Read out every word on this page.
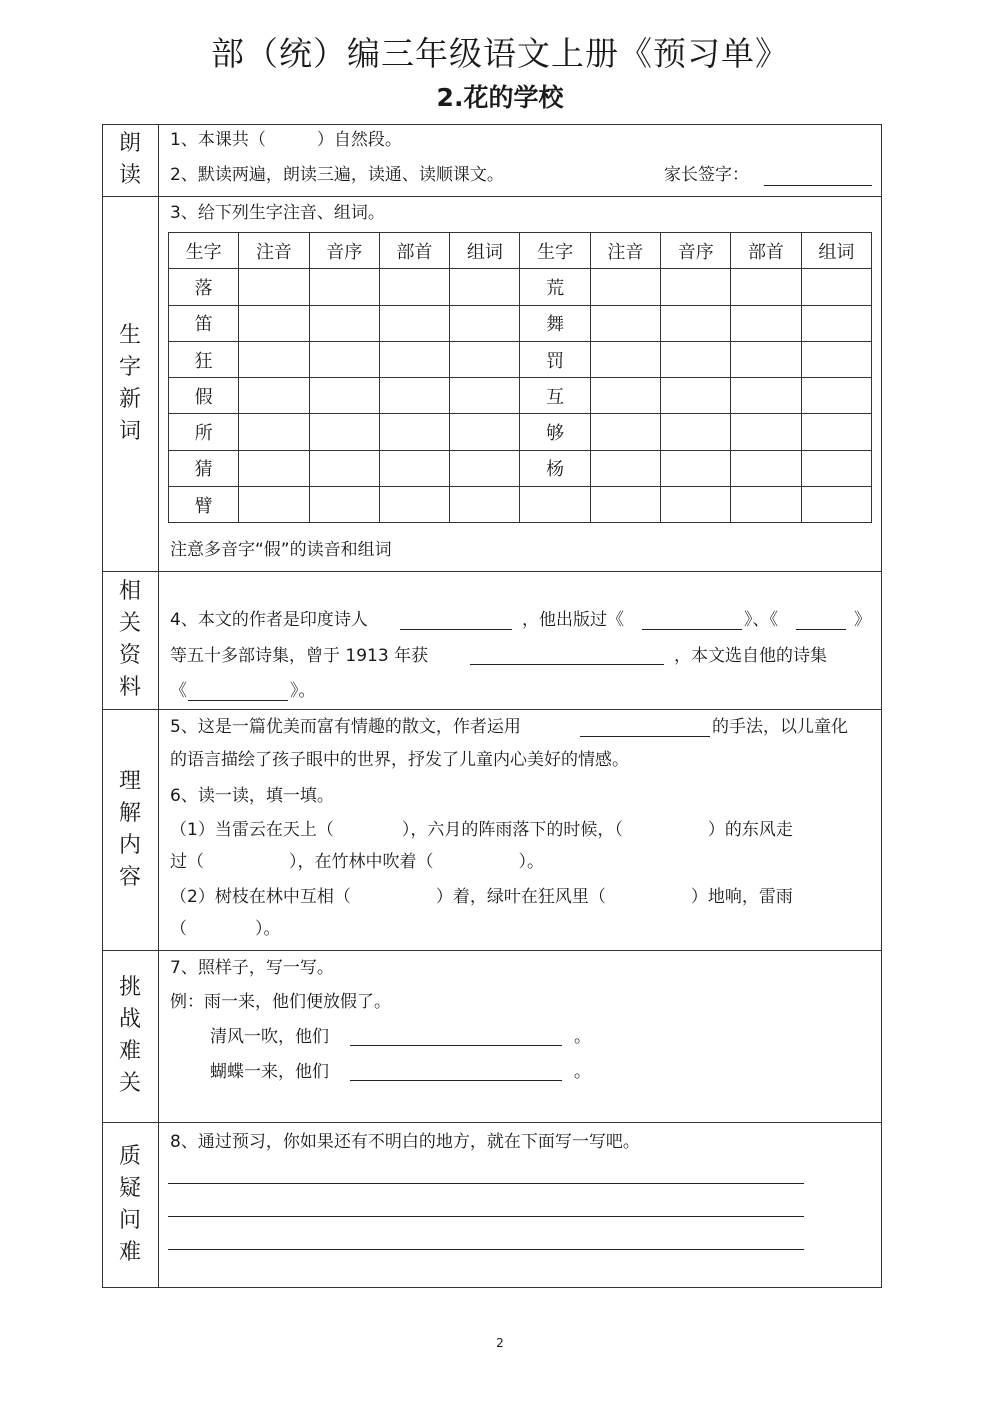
部（统）编三年级语文上册《预习单》
2.花的学校
朗
读
1、本课共（　　　）自然段。
2、默读两遍，朗读三遍，读通、读顺课文。	家长签字：
生
字
新
词
3、给下列生字注音、组词。
生字	注音	音序	部首	组词	生字	注音	音序	部首	组词
落					荒				
笛					舞				
狂					罚				
假					互				
所					够				
猜					杨				
臂									
注意多音字“假”的读音和组词
相
关
资
料
4、本文的作者是印度诗人	，他出版过《	》、《	》
等五十多部诗集，曾于 1913 年获	，本文选自他的诗集
《	》。
理
解
内
容
5、这是一篇优美而富有情趣的散文，作者运用	的手法，以儿童化
的语言描绘了孩子眼中的世界，抒发了儿童内心美好的情感。
6、读一读，填一填。
（1）当雷云在天上（　　　　），六月的阵雨落下的时候，（　　　　　）的东风走
过（　　　　　），在竹林中吹着（　　　　　）。
（2）树枝在林中互相（　　　　　）着，绿叶在狂风里（　　　　　）地响，雷雨
（　　　　）。
挑
战
难
关
7、照样子，写一写。
例：雨一来，他们便放假了。
清风一吹，他们	。
蝴蝶一来，他们	。
质
疑
问
难
8、通过预习，你如果还有不明白的地方，就在下面写一写吧。
2
